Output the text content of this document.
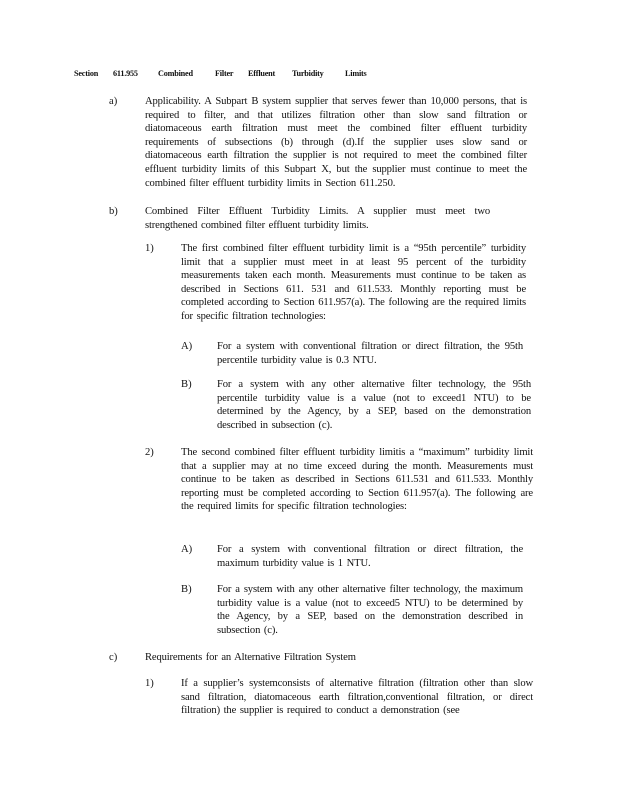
Section 611.955 Combined	Filter Effluent Turbidity	Limits
a)	Applicability. A Subpart B system supplier that serves fewer than 10,000 persons, that is required to filter, and that utilizes filtration other than slow sand filtration or diatomaceous earth filtration must meet the combined filter effluent turbidity requirements of subsections (b) through (d).If the supplier uses slow sand or diatomaceous earth filtration the supplier is not required to meet the combined filter effluent turbidity limits of this Subpart X, but the supplier must continue to meet the combined filter effluent turbidity limits in Section 611.250.
b)	Combined Filter Effluent Turbidity Limits. A supplier must meet two strengthened combined filter effluent turbidity limits.
1)	The first combined filter effluent turbidity limit is a “95th percentile” turbidity limit that a supplier must meet in at least 95 percent of the turbidity measurements taken each month. Measurements must continue to be taken as described in Sections 611. 531 and 611.533. Monthly reporting must be completed according to Section 611.957(a). The following are the required limits for specific filtration technologies:
A) For a system with conventional filtration or direct filtration, the 95th percentile turbidity value is 0.3 NTU.
B) For a system with any other alternative filter technology, the 95th percentile turbidity value is a value (not to exceed1 NTU) to be determined by the Agency, by a SEP, based on the demonstration described in subsection (c).
2)	The second combined filter effluent turbidity limitis a “maximum” turbidity limit that a supplier may at no time exceed during the month. Measurements must continue to be taken as described in Sections 611.531 and 611.533. Monthly reporting must be completed according to Section 611.957(a). The following are the required limits for specific filtration technologies:
A) For a system with conventional filtration or direct filtration, the maximum turbidity value is 1 NTU.
B) For a system with any other alternative filter technology, the maximum turbidity value is a value (not to exceed5 NTU) to be determined by the Agency, by a SEP, based on the demonstration described in subsection (c).
c)	Requirements for an Alternative Filtration System
1)	If a supplier’s systemconsists of alternative filtration (filtration other than slow sand filtration, diatomaceous earth filtration,conventional filtration, or direct filtration) the supplier is required to conduct a demonstration (see
